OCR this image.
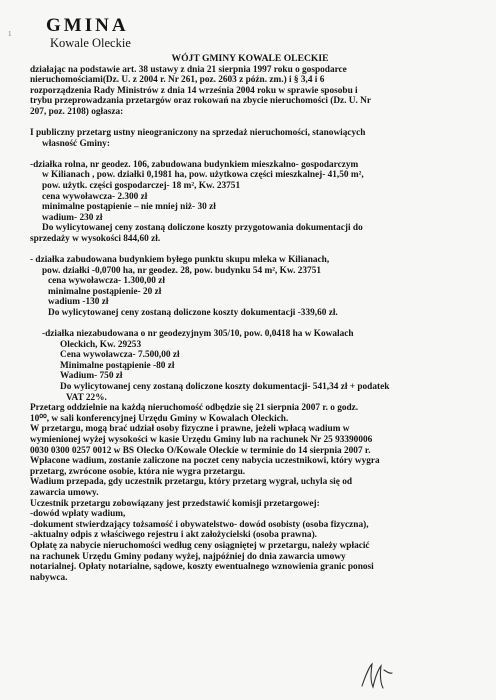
1 GMINA
Kowale Oleckie

WÓJT GMINY KOWALE OLECKIE

działając na podstawie art. 38 ustawy z dnia 21 sierpnia 1997 roku o gospodarce

nieruchomościami(Dz. U. z 2004 r. Nr 261, poz. 2603 z późn. zm.) i § 3,4 i 6

rozporządzenia Rady Ministrów z dnia 14 września 2004 roku w sprawie sposobu i

trybu przeprowadzania przetargów oraz rokowań na zbycie nieruchomości (Dz. U. Nr

207, poz. 2108) ogłasza:

I publiczny przetarg ustny nieograniczony na sprzedaż nieruchomości, stanowiących

własność Gminy:

-działka rolna, nr geodez. 106, zabudowana budynkiem mieszkalno- gospodarczym

w Kilianach , pow. działki 0,1981 ha, pow. użytkowa części mieszkalnej- 41,50 m²,

pow. użytk. części gospodarczej- 18 m², Kw. 23751

cena wywoławcza- 2.300 zł

minimalne postąpienie – nie mniej niż- 30 zł

wadium- 230 zł

Do wylicytowanej ceny zostaną doliczone koszty przygotowania dokumentacji do

sprzedaży w wysokości 844,60 zł.

- działka zabudowana budynkiem byłego punktu skupu mleka w Kilianach,

pow. działki -0,0700 ha, nr geodez. 28, pow. budynku 54 m², Kw. 23751

cena wywoławcza- 1.300,00 zł

minimalne postąpienie- 20 zł

wadium -130 zł

Do wylicytowanej ceny zostaną doliczone koszty dokumentacji -339,60 zł.

-działka niezabudowana o nr geodezyjnym 305/10, pow. 0,0418 ha w Kowalach

Oleckich, Kw. 29253

Cena wywoławcza- 7.500,00 zł

Minimalne postąpienie -80 zł

Wadium- 750 zł

Do wylicytowanej ceny zostaną doliczone koszty dokumentacji- 541,34 zł + podatek

VAT 22%.

Przetarg oddzielnie na każdą nieruchomość odbędzie się 21 sierpnia 2007 r. o godz.

10⁰⁰, w sali konferencyjnej Urzędu Gminy w Kowalach Oleckich.

W przetargu, mogą brać udział osoby fizyczne i prawne, jeżeli wpłacą wadium w

wymienionej wyżej wysokości w kasie Urzędu Gminy lub na rachunek Nr 25 93390006

0030 0300 0257 0012 w BS Olecko O/Kowale Oleckie w terminie do 14 sierpnia 2007 r.

Wpłacone wadium, zostanie zaliczone na poczet ceny nabycia uczestnikowi, który wygra

przetarg, zwrócone osobie, która nie wygra przetargu.

Wadium przepada, gdy uczestnik przetargu, który przetarg wygrał, uchyla się od

zawarcia umowy.

Uczestnik przetargu zobowiązany jest przedstawić komisji przetargowej:

-dowód wpłaty wadium,

-dokument stwierdzający tożsamość i obywatelstwo- dowód osobisty (osoba fizyczna),

-aktualny odpis z właściwego rejestru i akt założycielski (osoba prawna).

Opłatę za nabycie nieruchomości według ceny osiągniętej w przetargu, należy wpłacić

na rachunek Urzędu Gminy podany wyżej, najpóźniej do dnia zawarcia umowy

notarialnej. Opłaty notarialne, sądowe, koszty ewentualnego wznowienia granic ponosi

nabywca.
